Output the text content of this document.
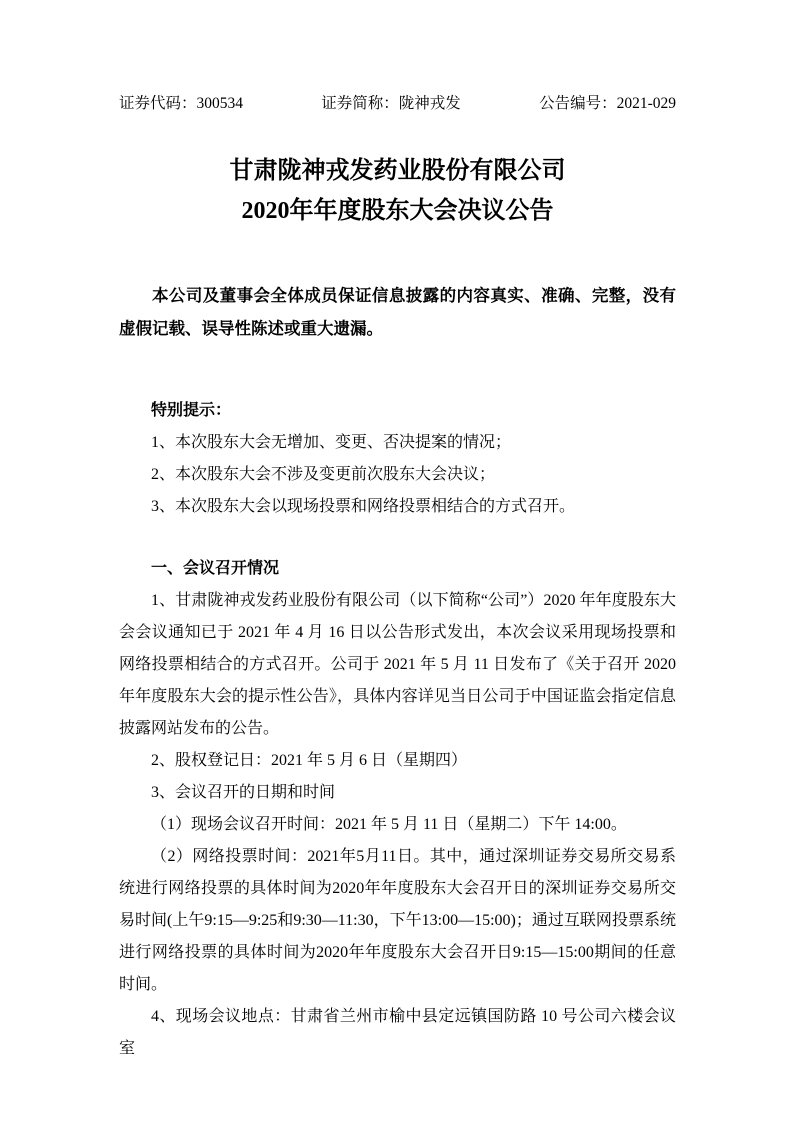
证券代码：300534	证券简称：陇神戎发	公告编号：2021-029
甘肃陇神戎发药业股份有限公司
2020年年度股东大会决议公告

本公司及董事会全体成员保证信息披露的内容真实、准确、完整，没有虚假记载、误导性陈述或重大遗漏。

特别提示：

1、本次股东大会无增加、变更、否决提案的情况；

2、本次股东大会不涉及变更前次股东大会决议；

3、本次股东大会以现场投票和网络投票相结合的方式召开。

一、会议召开情况

1、甘肃陇神戎发药业股份有限公司（以下简称“公司”）2020 年年度股东大会会议通知已于 2021 年 4 月 16 日以公告形式发出，本次会议采用现场投票和网络投票相结合的方式召开。公司于 2021 年 5 月 11 日发布了《关于召开 2020 年年度股东大会的提示性公告》，具体内容详见当日公司于中国证监会指定信息披露网站发布的公告。

2、股权登记日：2021 年 5 月 6 日（星期四）

3、会议召开的日期和时间

（1）现场会议召开时间：2021 年 5 月 11 日（星期二）下午 14:00。

（2）网络投票时间：2021年5月11日。其中，通过深圳证券交易所交易系统进行网络投票的具体时间为2020年年度股东大会召开日的深圳证券交易所交易时间(上午9:15—9:25和9:30—11:30，下午13:00—15:00)；通过互联网投票系统进行网络投票的具体时间为2020年年度股东大会召开日9:15—15:00期间的任意时间。

4、现场会议地点：甘肃省兰州市榆中县定远镇国防路 10 号公司六楼会议室
